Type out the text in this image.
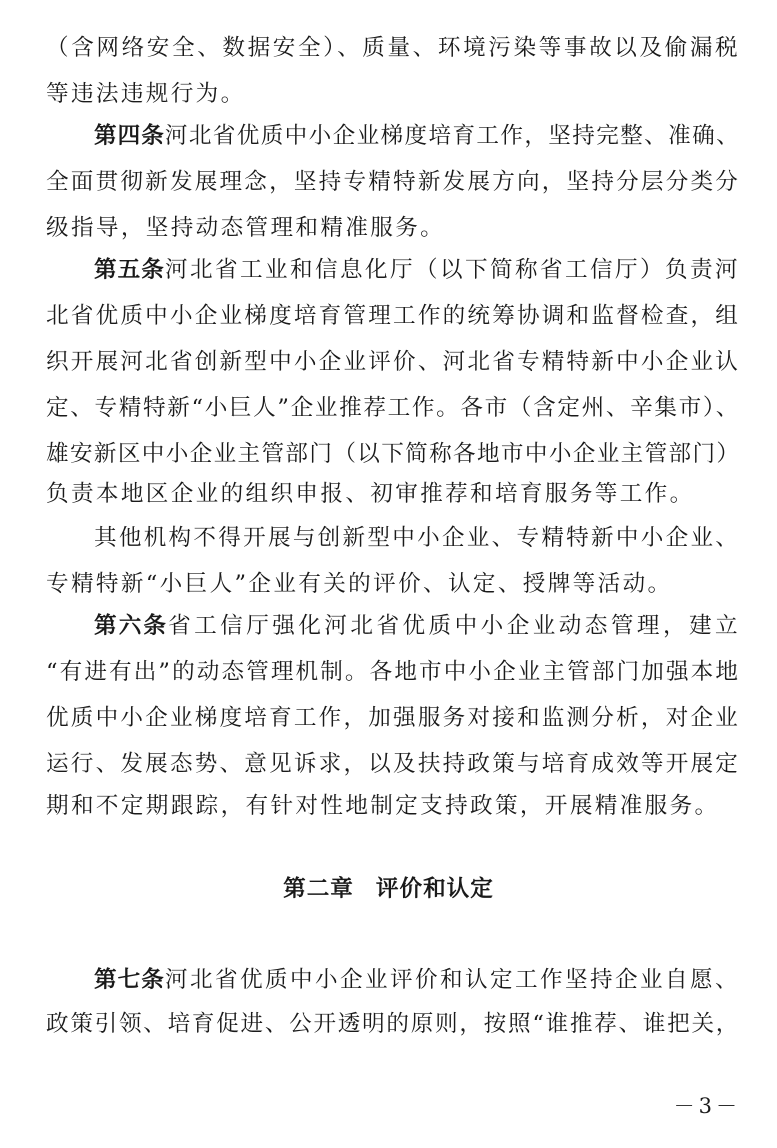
（含网络安全、数据安全）、质量、环境污染等事故以及偷漏税
等违法违规行为。
第四条河北省优质中小企业梯度培育工作，坚持完整、准确、
全面贯彻新发展理念，坚持专精特新发展方向，坚持分层分类分
级指导，坚持动态管理和精准服务。
第五条河北省工业和信息化厅（以下简称省工信厅）负责河
北省优质中小企业梯度培育管理工作的统筹协调和监督检查，组
织开展河北省创新型中小企业评价、河北省专精特新中小企业认
定、专精特新“小巨人”企业推荐工作。各市（含定州、辛集市）、
雄安新区中小企业主管部门（以下简称各地市中小企业主管部门）
负责本地区企业的组织申报、初审推荐和培育服务等工作。
其他机构不得开展与创新型中小企业、专精特新中小企业、
专精特新“小巨人”企业有关的评价、认定、授牌等活动。
第六条省工信厅强化河北省优质中小企业动态管理，建立
“有进有出”的动态管理机制。各地市中小企业主管部门加强本地
优质中小企业梯度培育工作，加强服务对接和监测分析，对企业
运行、发展态势、意见诉求，以及扶持政策与培育成效等开展定
期和不定期跟踪，有针对性地制定支持政策，开展精准服务。
第二章 评价和认定
第七条河北省优质中小企业评价和认定工作坚持企业自愿、
政策引领、培育促进、公开透明的原则，按照“谁推荐、谁把关，
－3－
